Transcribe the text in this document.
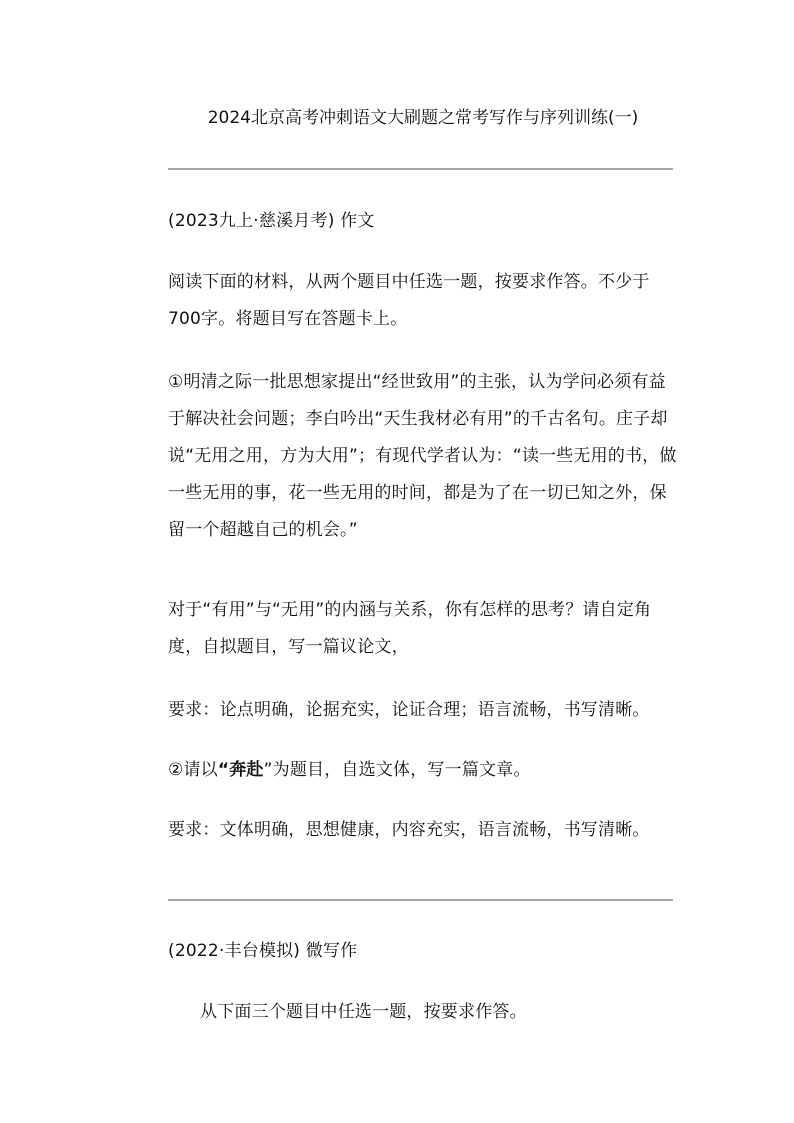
2024北京高考冲刺语文大刷题之常考写作与序列训练(一)
(2023九上·慈溪月考) 作文
阅读下面的材料，从两个题目中任选一题，按要求作答。不少于700字。将题目写在答题卡上。
①明清之际一批思想家提出“经世致用”的主张，认为学问必须有益于解决社会问题；李白吟出“天生我材必有用”的千古名句。庄子却说“无用之用，方为大用”；有现代学者认为：“读一些无用的书，做一些无用的事，花一些无用的时间，都是为了在一切已知之外，保留一个超越自己的机会。”
对于“有用”与“无用”的内涵与关系，你有怎样的思考？请自定角度，自拟题目，写一篇议论文，
要求：论点明确，论据充实，论证合理；语言流畅，书写清晰。
②请以“奔赴”为题目，自选文体，写一篇文章。
要求：文体明确，思想健康，内容充实，语言流畅，书写清晰。
(2022·丰台模拟) 微写作
从下面三个题目中任选一题，按要求作答。
